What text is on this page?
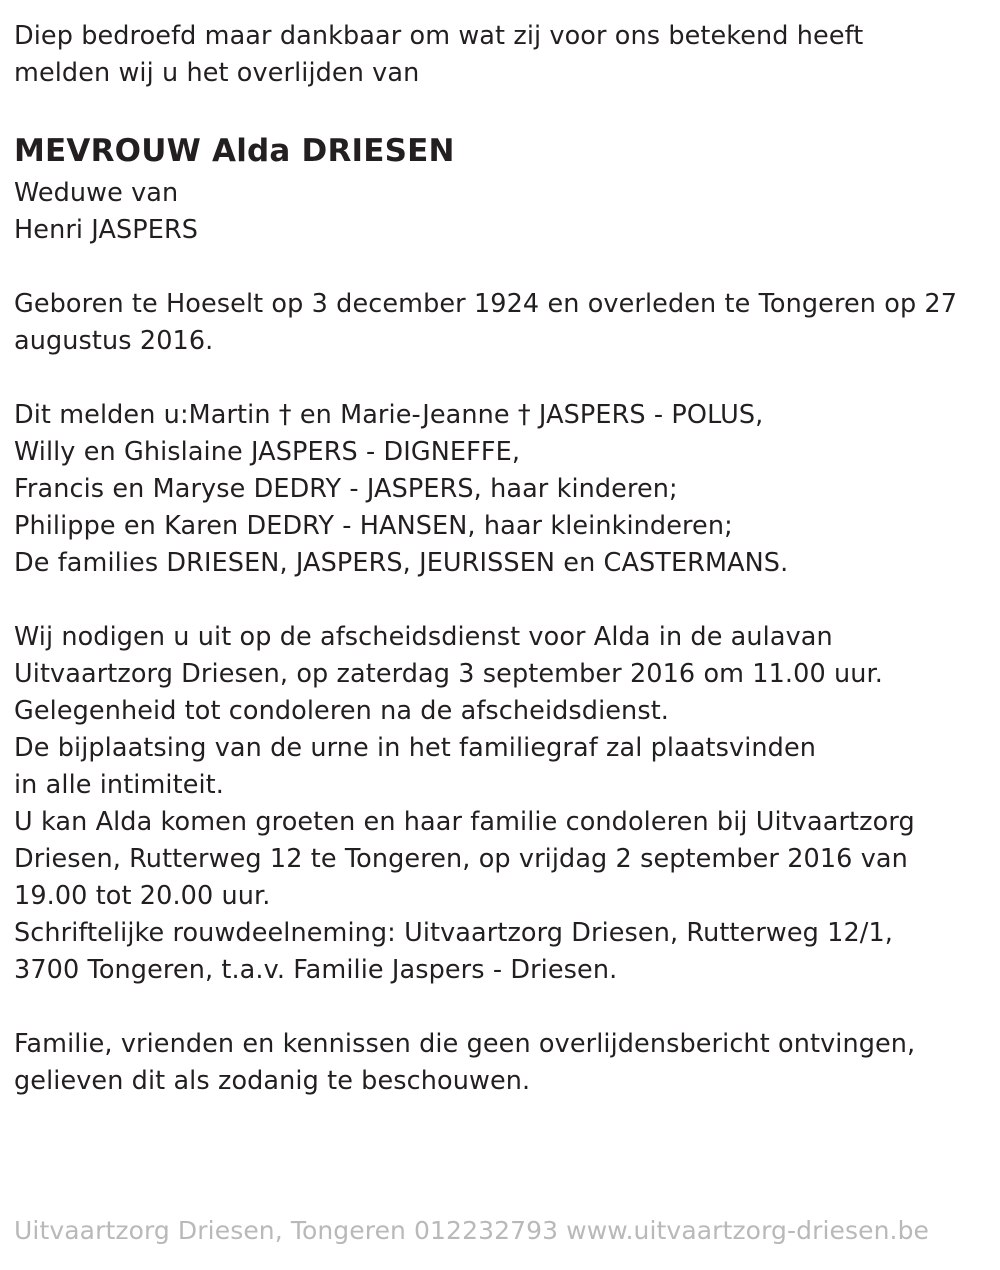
Diep bedroefd maar dankbaar om wat zij voor ons betekend heeft
melden wij u het overlijden van
MEVROUW Alda DRIESEN
Weduwe van
Henri JASPERS
Geboren te Hoeselt op 3 december 1924 en overleden te Tongeren op 27
augustus 2016.
Dit melden u:Martin † en Marie-Jeanne † JASPERS - POLUS,
Willy en Ghislaine JASPERS - DIGNEFFE,
Francis en Maryse DEDRY - JASPERS, haar kinderen;
Philippe en Karen DEDRY - HANSEN, haar kleinkinderen;
De families DRIESEN, JASPERS, JEURISSEN en CASTERMANS.
Wij nodigen u uit op de afscheidsdienst voor Alda in de aulavan
Uitvaartzorg Driesen, op zaterdag 3 september 2016 om 11.00 uur.
Gelegenheid tot condoleren na de afscheidsdienst.
De bijplaatsing van de urne in het familiegraf zal plaatsvinden
in alle intimiteit.
U kan Alda komen groeten en haar familie condoleren bij Uitvaartzorg
Driesen, Rutterweg 12 te Tongeren, op vrijdag 2 september 2016 van
19.00 tot 20.00 uur.
Schriftelijke rouwdeelneming: Uitvaartzorg Driesen, Rutterweg 12/1,
3700 Tongeren, t.a.v. Familie Jaspers - Driesen.
Familie, vrienden en kennissen die geen overlijdensbericht ontvingen,
gelieven dit als zodanig te beschouwen.
Uitvaartzorg Driesen, Tongeren 012232793 www.uitvaartzorg-driesen.be
